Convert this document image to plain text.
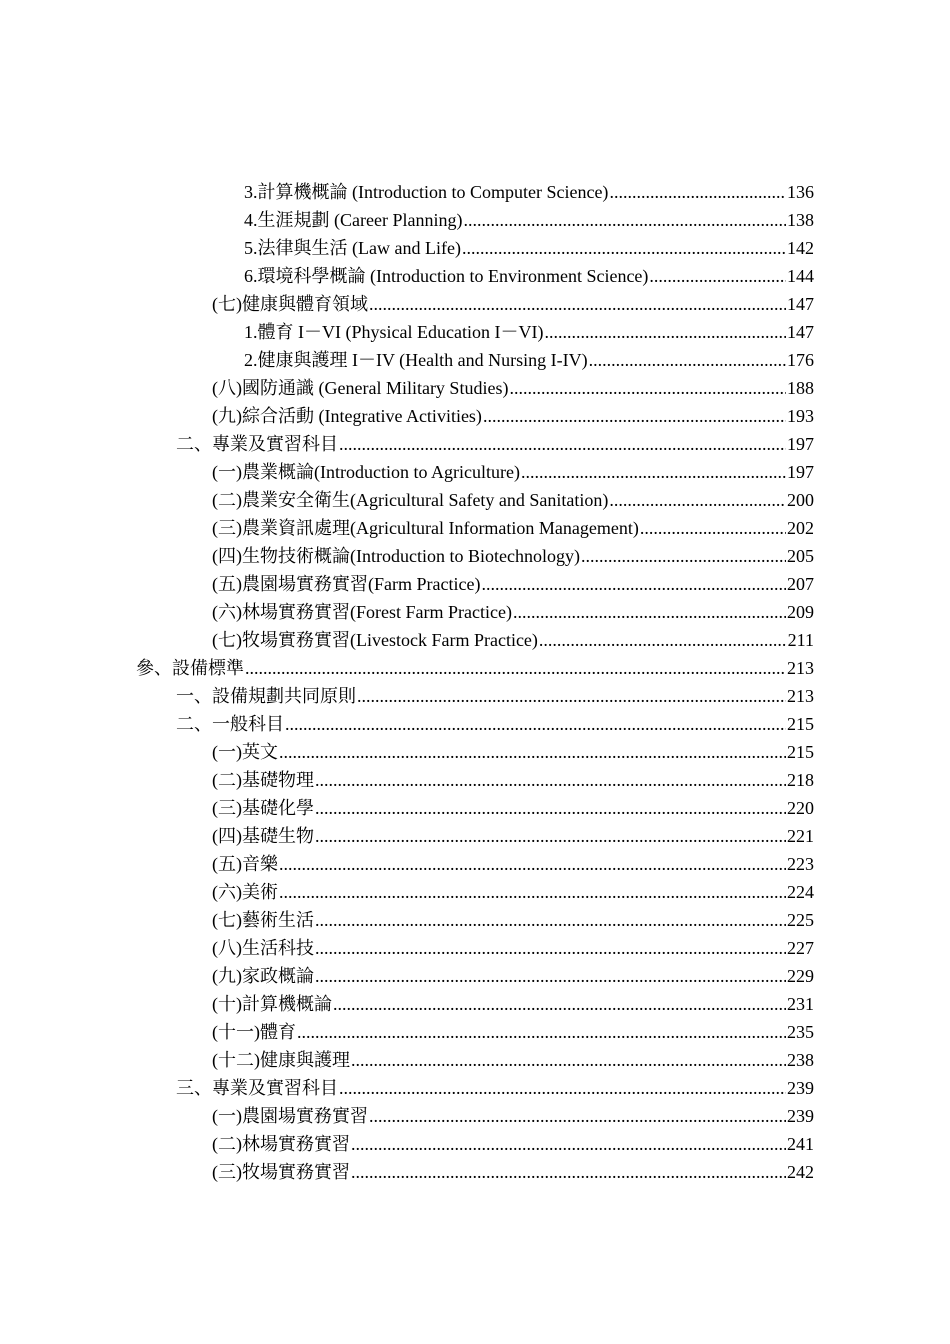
3.計算機概論 (Introduction to Computer Science) .....	136
4.生涯規劃 (Career Planning) .....	138
5.法律與生活 (Law and Life) .....	142
6.環境科學概論 (Introduction to Environment Science) .....	144
(七)健康與體育領域 .....	147
1.體育 I－VI (Physical Education I－VI) .....	147
2.健康與護理 I－IV (Health and Nursing I-IV) .....	176
(八)國防通識 (General Military Studies) .....	188
(九)綜合活動 (Integrative Activities) .....	193
二、專業及實習科目 .....	197
(一)農業概論(Introduction to Agriculture) .....	197
(二)農業安全衛生(Agricultural Safety and Sanitation) .....	200
(三)農業資訊處理(Agricultural Information Management) .....	202
(四)生物技術概論(Introduction to Biotechnology) .....	205
(五)農園場實務實習(Farm Practice) .....	207
(六)林場實務實習(Forest Farm Practice) .....	209
(七)牧場實務實習(Livestock Farm Practice) .....	211
參、設備標準 .....	213
一、設備規劃共同原則 .....	213
二、一般科目 .....	215
(一)英文 .....	215
(二)基礎物理 .....	218
(三)基礎化學 .....	220
(四)基礎生物 .....	221
(五)音樂 .....	223
(六)美術 .....	224
(七)藝術生活 .....	225
(八)生活科技 .....	227
(九)家政概論 .....	229
(十)計算機概論 .....	231
(十一)體育 .....	235
(十二)健康與護理 .....	238
三、專業及實習科目 .....	239
(一)農園場實務實習 .....	239
(二)林場實務實習 .....	241
(三)牧場實務實習 .....	242
